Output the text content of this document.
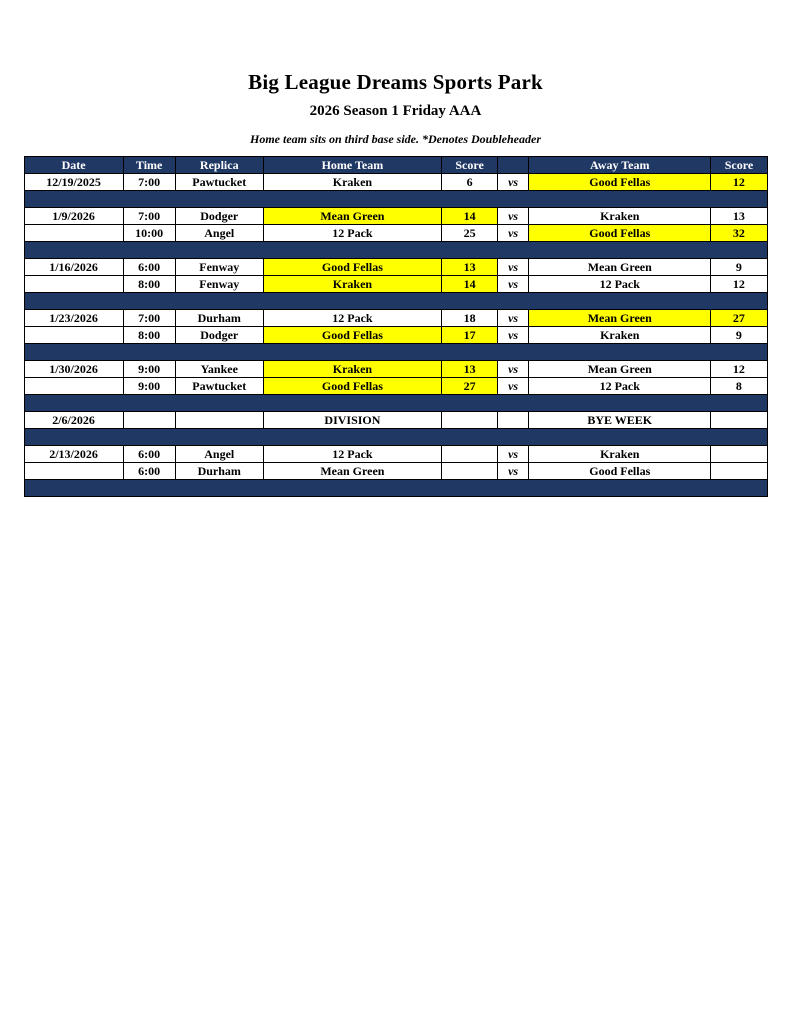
Big League Dreams Sports Park
2026 Season 1 Friday AAA

Home team sits on third base side. *Denotes Doubleheader

Date	Time	Replica	Home Team	Score		Away Team	Score
12/19/2025	7:00	Pawtucket	Kraken	6	vs	Good Fellas	12

1/9/2026	7:00	Dodger	Mean Green	14	vs	Kraken	13
	10:00	Angel	12 Pack	25	vs	Good Fellas	32

1/16/2026	6:00	Fenway	Good Fellas	13	vs	Mean Green	9
	8:00	Fenway	Kraken	14	vs	12 Pack	12

1/23/2026	7:00	Durham	12 Pack	18	vs	Mean Green	27
	8:00	Dodger	Good Fellas	17	vs	Kraken	9

1/30/2026	9:00	Yankee	Kraken	13	vs	Mean Green	12
	9:00	Pawtucket	Good Fellas	27	vs	12 Pack	8

2/6/2026			DIVISION			BYE WEEK	

2/13/2026	6:00	Angel	12 Pack		vs	Kraken	
	6:00	Durham	Mean Green		vs	Good Fellas	
